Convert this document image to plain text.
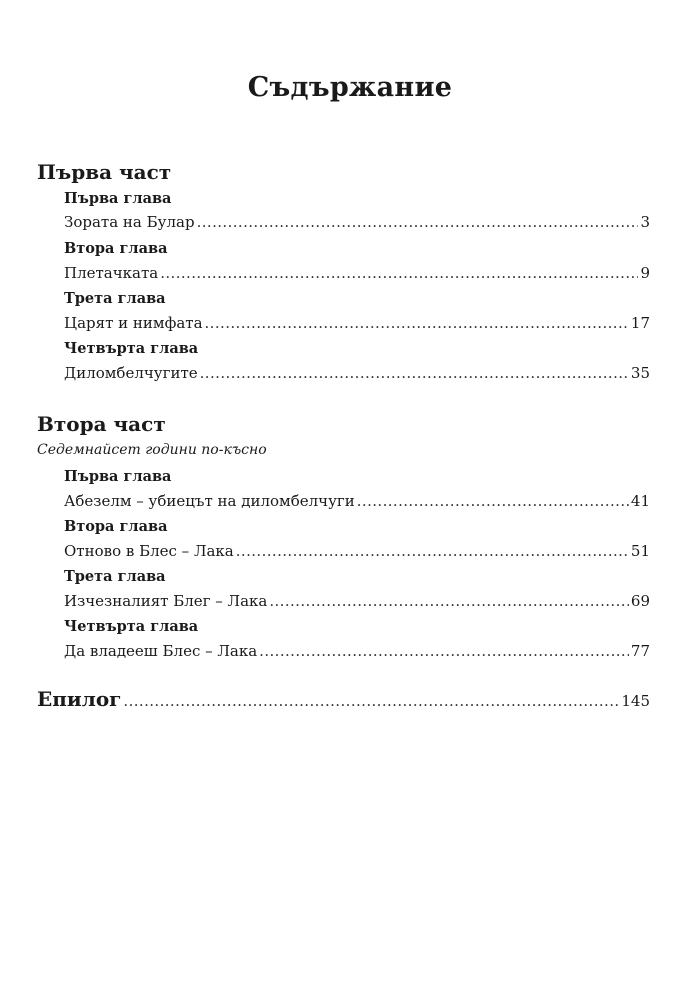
Съдържание
Първа част
Първа глава
Зората на Булар .....	3
Втора глава
Плетачката .....	9
Трета глава
Царят и нимфата .....	17
Четвърта глава
Диломбелчугите .....	35
Втора част
Седемнайсет години по-късно
Първа глава
Абезелм – убиецът на диломбелчуги .....	41
Втора глава
Отново в Блес – Лака .....	51
Трета глава
Изчезналият Блег – Лака .....	69
Четвърта глава
Да владееш Блес – Лака .....	77
Епилог .....	145
